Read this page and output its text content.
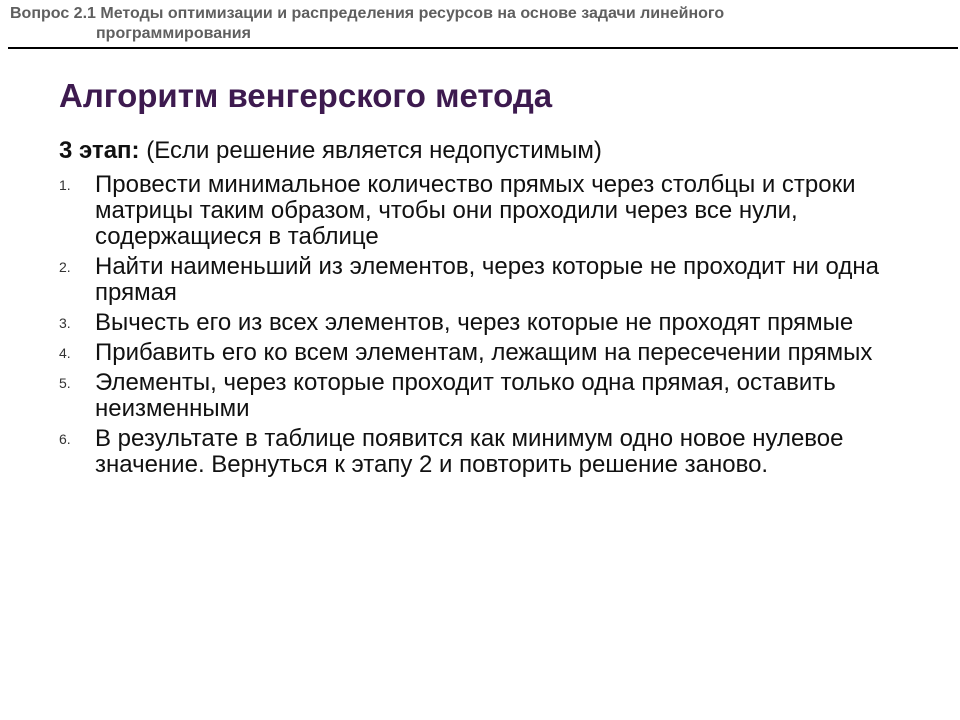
Вопрос 2.1 Методы оптимизации и распределения ресурсов на основе задачи линейного
программирования
Алгоритм венгерского метода
3 этап: (Если решение является недопустимым)
1. Провести минимальное количество прямых через столбцы и строки матрицы таким образом, чтобы они проходили через все нули, содержащиеся в таблице
2. Найти наименьший из элементов, через которые не проходит ни одна прямая
3. Вычесть его из всех элементов, через которые не проходят прямые
4. Прибавить его ко всем элементам, лежащим на пересечении прямых
5. Элементы, через которые проходит только одна прямая, оставить неизменными
6. В результате в таблице появится как минимум одно новое нулевое значение. Вернуться к этапу 2 и повторить решение заново.
